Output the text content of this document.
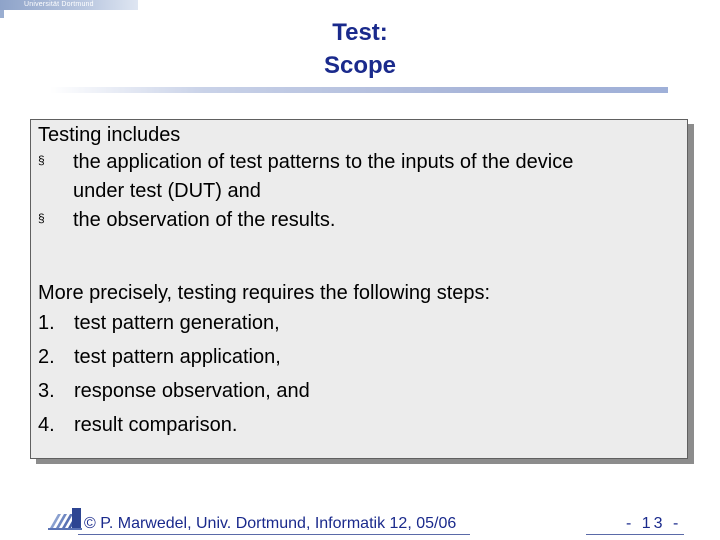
Universität Dortmund
Test:
Scope

Testing includes

§	the application of test patterns to the inputs of the device
under test (DUT) and
§	the observation of the results.

More precisely, testing requires the following steps:

1. test pattern generation,
2. test pattern application,
3. response observation, and
4. result comparison.
© P. Marwedel, Univ. Dortmund, Informatik 12, 05/06	- 13 -
